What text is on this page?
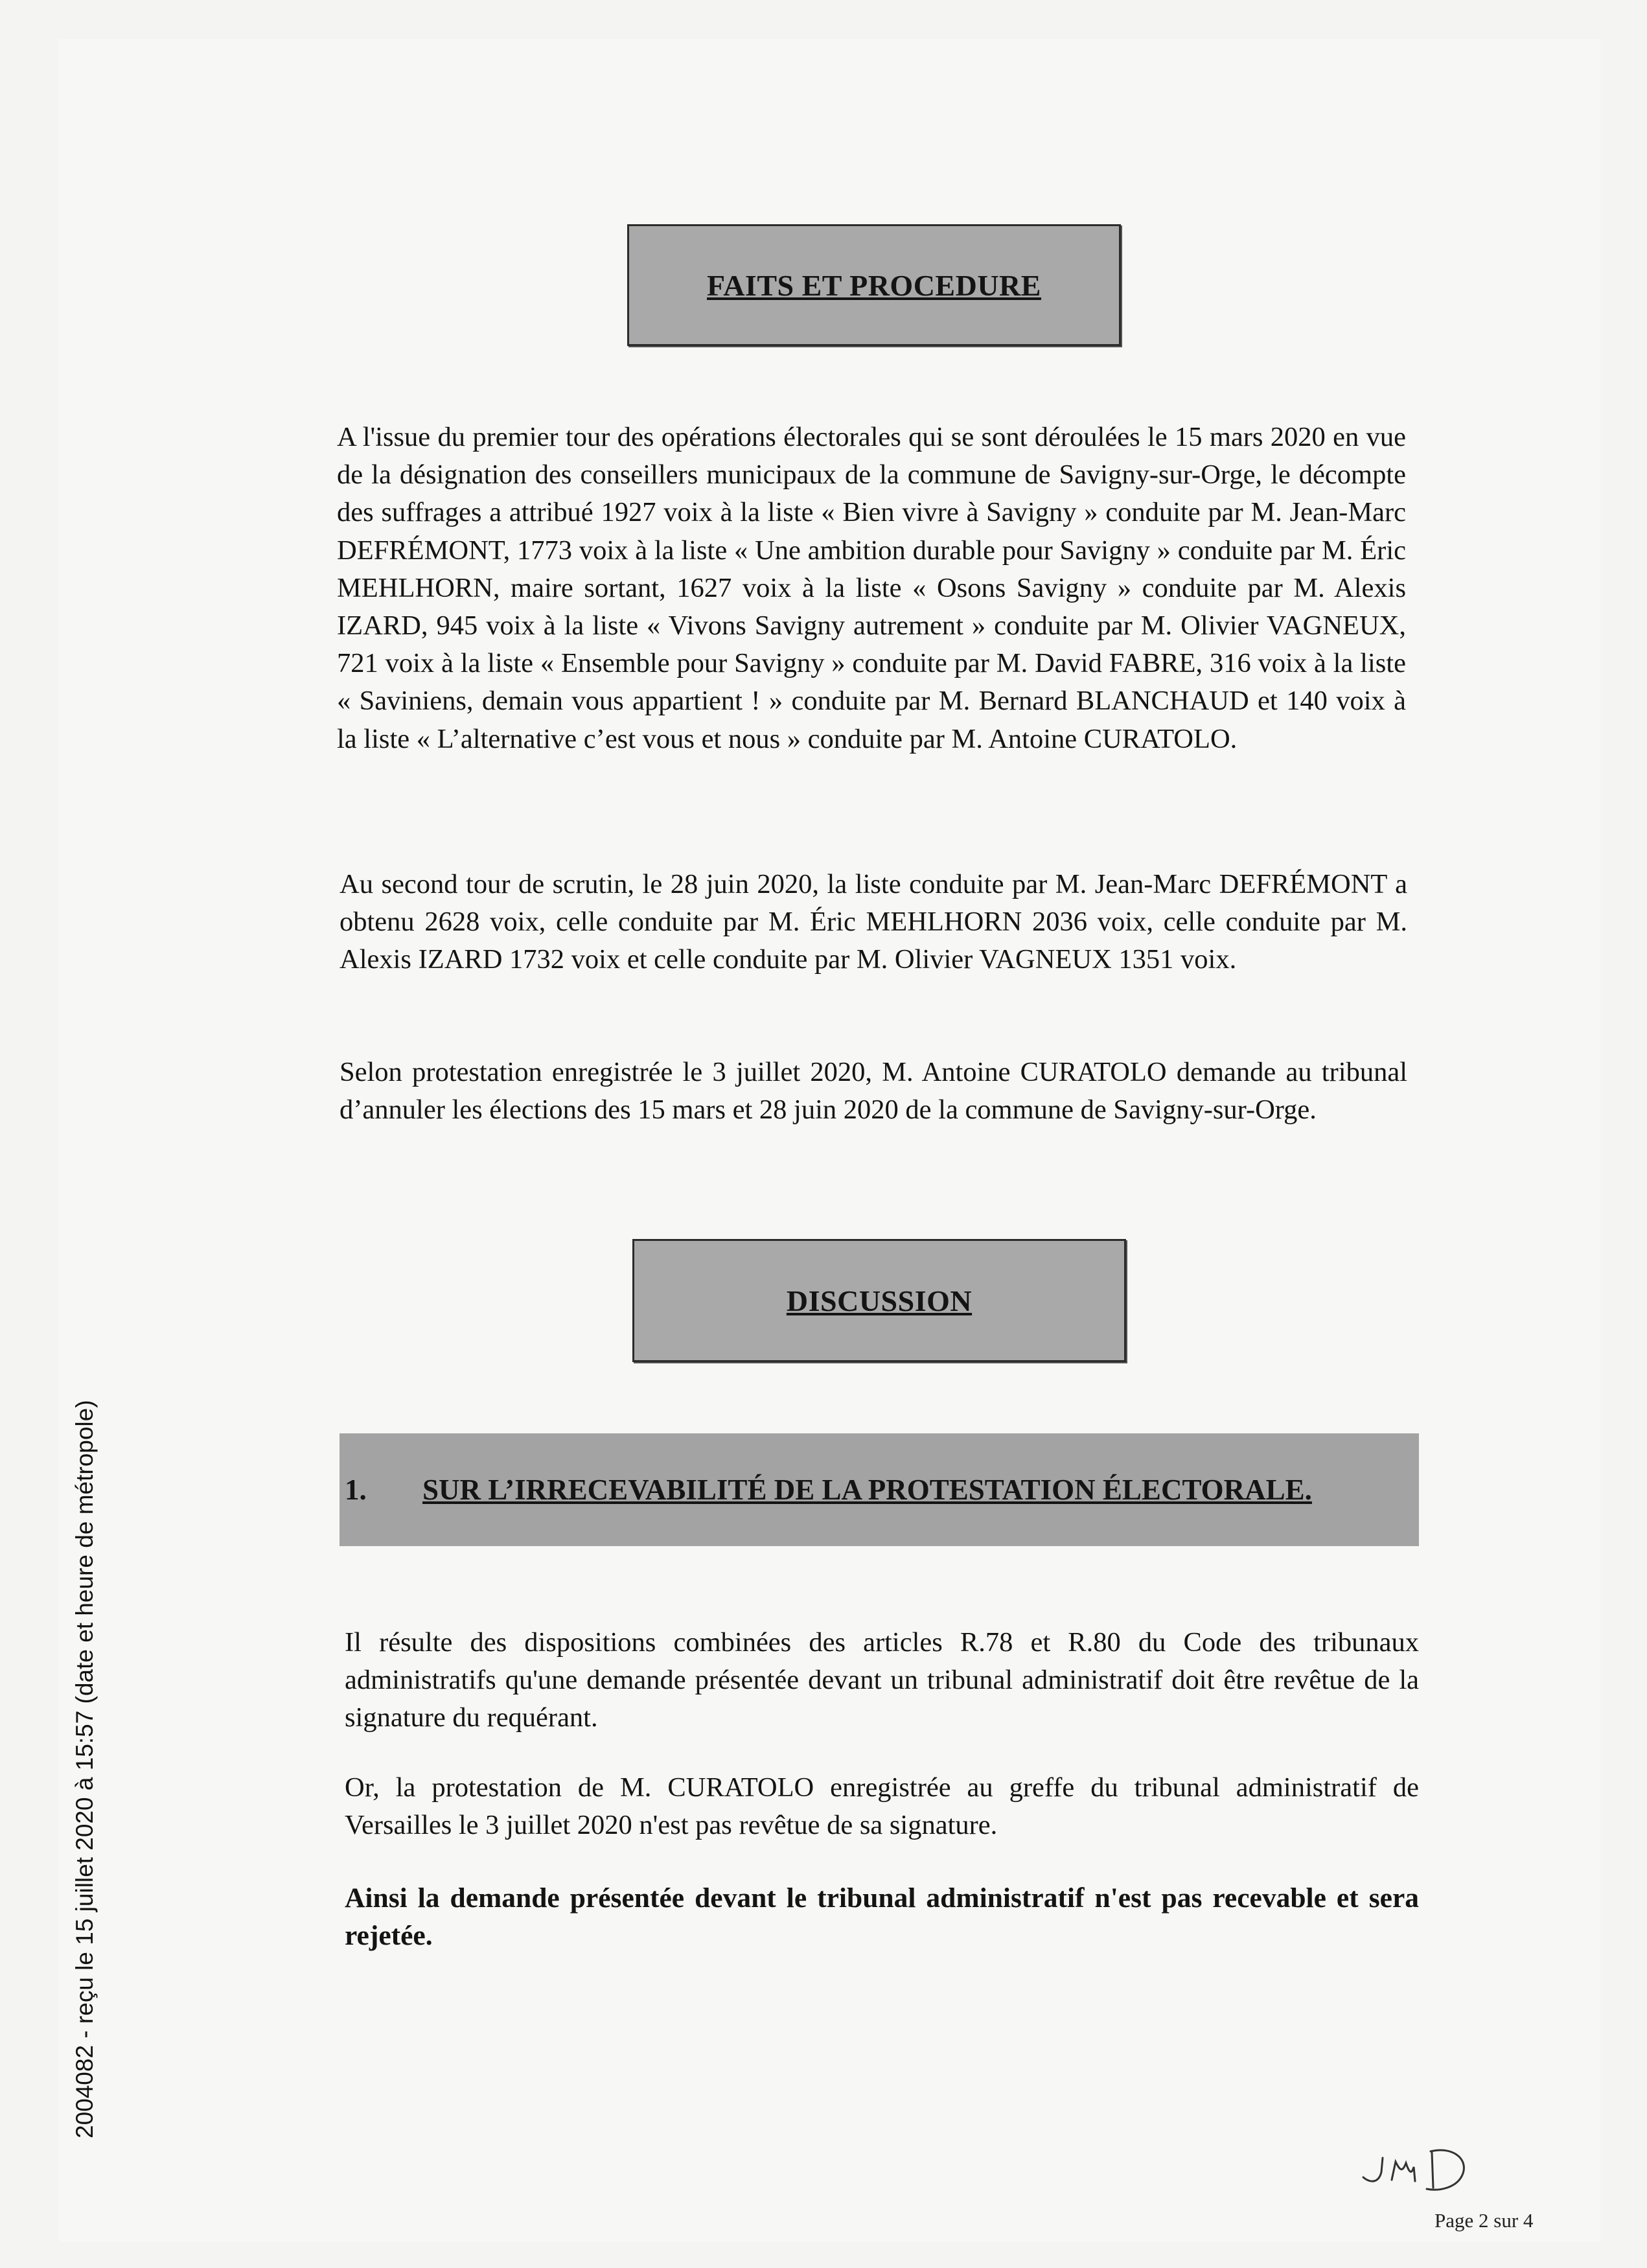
FAITS ET PROCEDURE

A l'issue du premier tour des opérations électorales qui se sont déroulées le 15 mars 2020 en vue de la désignation des conseillers municipaux de la commune de Savigny-sur-Orge, le décompte des suffrages a attribué 1927 voix à la liste « Bien vivre à Savigny » conduite par M. Jean-Marc DEFRÉMONT, 1773 voix à la liste « Une ambition durable pour Savigny » conduite par M. Éric MEHLHORN, maire sortant, 1627 voix à la liste « Osons Savigny » conduite par M. Alexis IZARD, 945 voix à la liste « Vivons Savigny autrement » conduite par M. Olivier VAGNEUX, 721 voix à la liste « Ensemble pour Savigny » conduite par M. David FABRE, 316 voix à la liste « Saviniens, demain vous appartient ! » conduite par M. Bernard BLANCHAUD et 140 voix à la liste « L’alternative c’est vous et nous » conduite par M. Antoine CURATOLO.

Au second tour de scrutin, le 28 juin 2020, la liste conduite par M. Jean-Marc DEFRÉMONT a obtenu 2628 voix, celle conduite par M. Éric MEHLHORN 2036 voix, celle conduite par M. Alexis IZARD 1732 voix et celle conduite par M. Olivier VAGNEUX 1351 voix.

Selon protestation enregistrée le 3 juillet 2020, M. Antoine CURATOLO demande au tribunal d’annuler les élections des 15 mars et 28 juin 2020 de la commune de Savigny-sur-Orge.

DISCUSSION
1.	SUR L’IRRECEVABILITÉ DE LA PROTESTATION ÉLECTORALE.

Il résulte des dispositions combinées des articles R.78 et R.80 du Code des tribunaux administratifs qu'une demande présentée devant un tribunal administratif doit être revêtue de la signature du requérant.

Or, la protestation de M. CURATOLO enregistrée au greffe du tribunal administratif de Versailles le 3 juillet 2020 n'est pas revêtue de sa signature.

Ainsi la demande présentée devant le tribunal administratif n'est pas recevable et sera rejetée.

2004082 - reçu le 15 juillet 2020 à 15:57 (date et heure de métropole)
Page 2 sur 4
